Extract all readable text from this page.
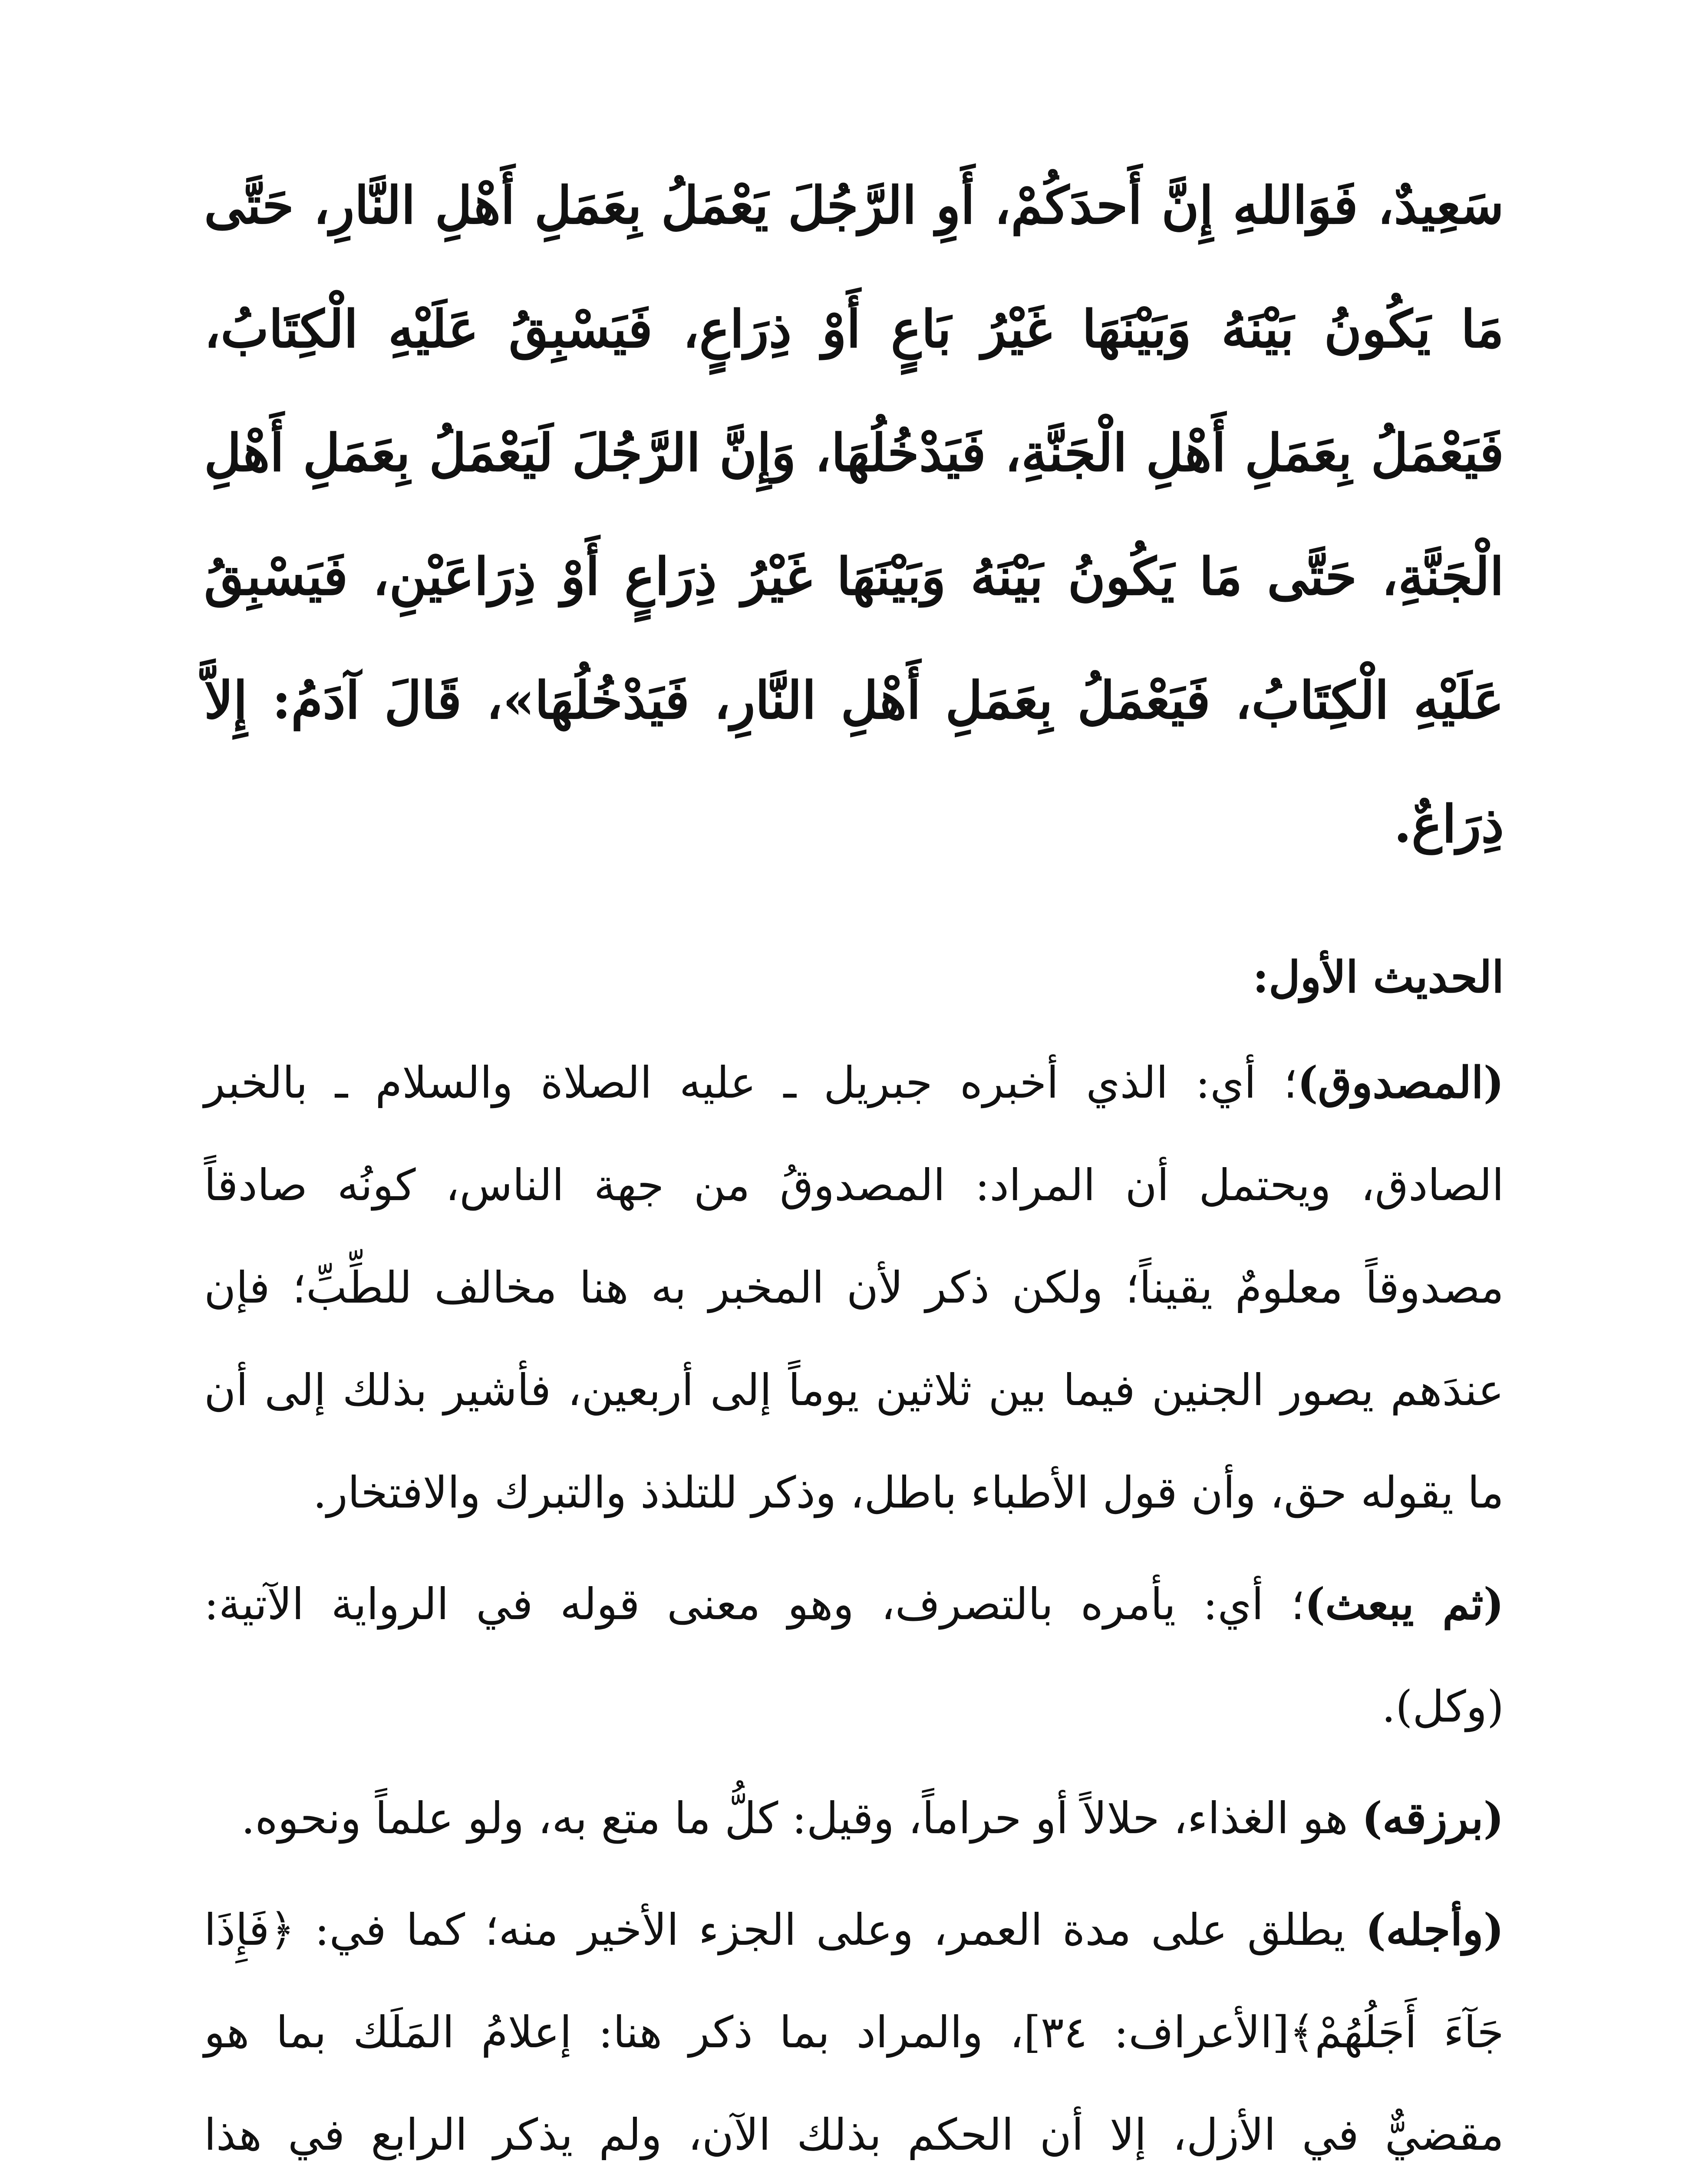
سَعِيدٌ، فَوَاللهِ إِنَّ أَحدَكُمْ، أَوِ الرَّجُلَ يَعْمَلُ بِعَمَلِ أَهْلِ النَّارِ، حَتَّى مَا يَكُونُ بَيْنَهُ وَبَيْنَهَا غَيْرُ بَاعٍ أَوْ ذِرَاعٍ، فَيَسْبِقُ عَلَيْهِ الْكِتَابُ، فَيَعْمَلُ بِعَمَلِ أَهْلِ الْجَنَّةِ، فَيَدْخُلُهَا، وَإِنَّ الرَّجُلَ لَيَعْمَلُ بِعَمَلِ أَهْلِ الْجَنَّةِ، حَتَّى مَا يَكُونُ بَيْنَهُ وَبَيْنَهَا غَيْرُ ذِرَاعٍ أَوْ ذِرَاعَيْنِ، فَيَسْبِقُ عَلَيْهِ الْكِتَابُ، فَيَعْمَلُ بِعَمَلِ أَهْلِ النَّارِ، فَيَدْخُلُهَا»، قَالَ آدَمُ: إِلاَّ ذِرَاعٌ.

الحديث الأول:

(المصدوق)؛ أي: الذي أخبره جبريل ـ عليه الصلاة والسلام ـ بالخبر الصادق، ويحتمل أن المراد: المصدوقُ من جهة الناس، كونُه صادقاً مصدوقاً معلومٌ يقيناً؛ ولكن ذكر لأن المخبر به هنا مخالف للطِّبِّ؛ فإن عندَهم يصور الجنين فيما بين ثلاثين يوماً إلى أربعين، فأشير بذلك إلى أن ما يقوله حق، وأن قول الأطباء باطل، وذكر للتلذذ والتبرك والافتخار.

(ثم يبعث)؛ أي: يأمره بالتصرف، وهو معنى قوله في الرواية الآتية: (وكل).

(برزقه) هو الغذاء، حلالاً أو حراماً، وقيل: كلُّ ما متع به، ولو علماً ونحوه.

(وأجله) يطلق على مدة العمر، وعلى الجزء الأخير منه؛ كما في: ﴿فَإِذَا جَآءَ أَجَلُهُمْ﴾[الأعراف: ٣٤]، والمراد بما ذكر هنا: إعلامُ المَلَك بما هو مقضيٌّ في الأزل، إلا أن الحكم بذلك الآن، ولم يذكر الرابع في هذا
